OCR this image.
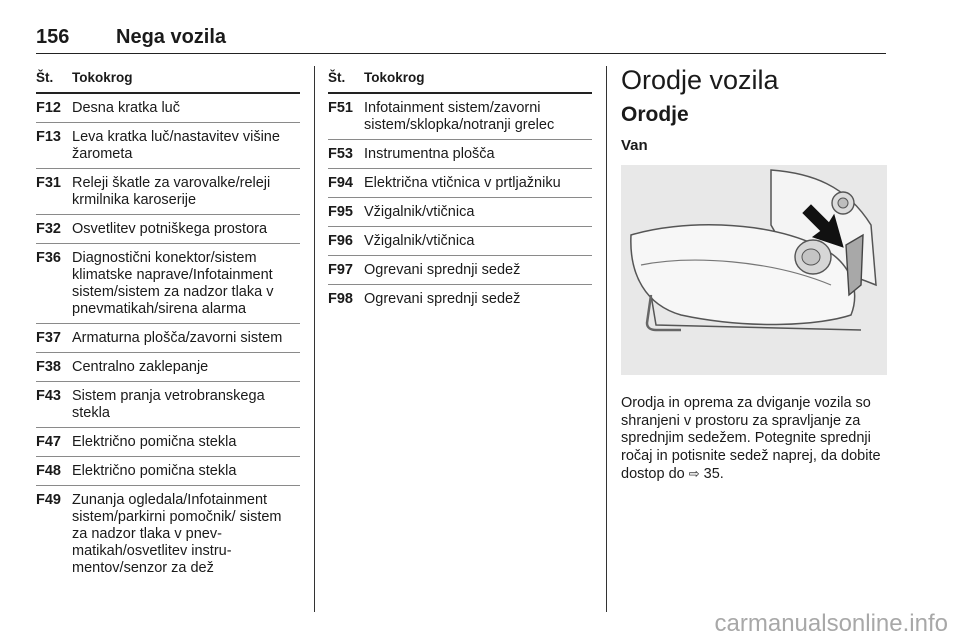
156 Nega vozila
Št. Tokokrog
F12 Desna kratka luč
F13 Leva kratka luč/nastavitev višine žarometa
F31 Releji škatle za varovalke/releji krmilnika karoserije
F32 Osvetlitev potniškega prostora
F36 Diagnostični konektor/sistem klimatske naprave/Infotainment sistem/sistem za nadzor tlaka v pnevmatikah/sirena alarma
F37 Armaturna plošča/zavorni sistem
F38 Centralno zaklepanje
F43 Sistem pranja vetrobranskega stekla
F47 Električno pomična stekla
F48 Električno pomična stekla
F49 Zunanja ogledala/Infotainment sistem/parkirni pomočnik/ sistem za nadzor tlaka v pnev-matikah/osvetlitev instru-mentov/senzor za dež
Št. Tokokrog
F51 Infotainment sistem/zavorni sistem/sklopka/notranji grelec
F53 Instrumentna plošča
F94 Električna vtičnica v prtljažniku
F95 Vžigalnik/vtičnica
F96 Vžigalnik/vtičnica
F97 Ogrevani sprednji sedež
F98 Ogrevani sprednji sedež
Orodje vozila
Orodje
Van

Orodja in oprema za dviganje vozila so shranjeni v prostoru za spravljanje za sprednjim sedežem. Potegnite sprednji ročaj in potisnite sedež naprej, da dobite dostop do ⇨ 35.

carmanualsonline.info
